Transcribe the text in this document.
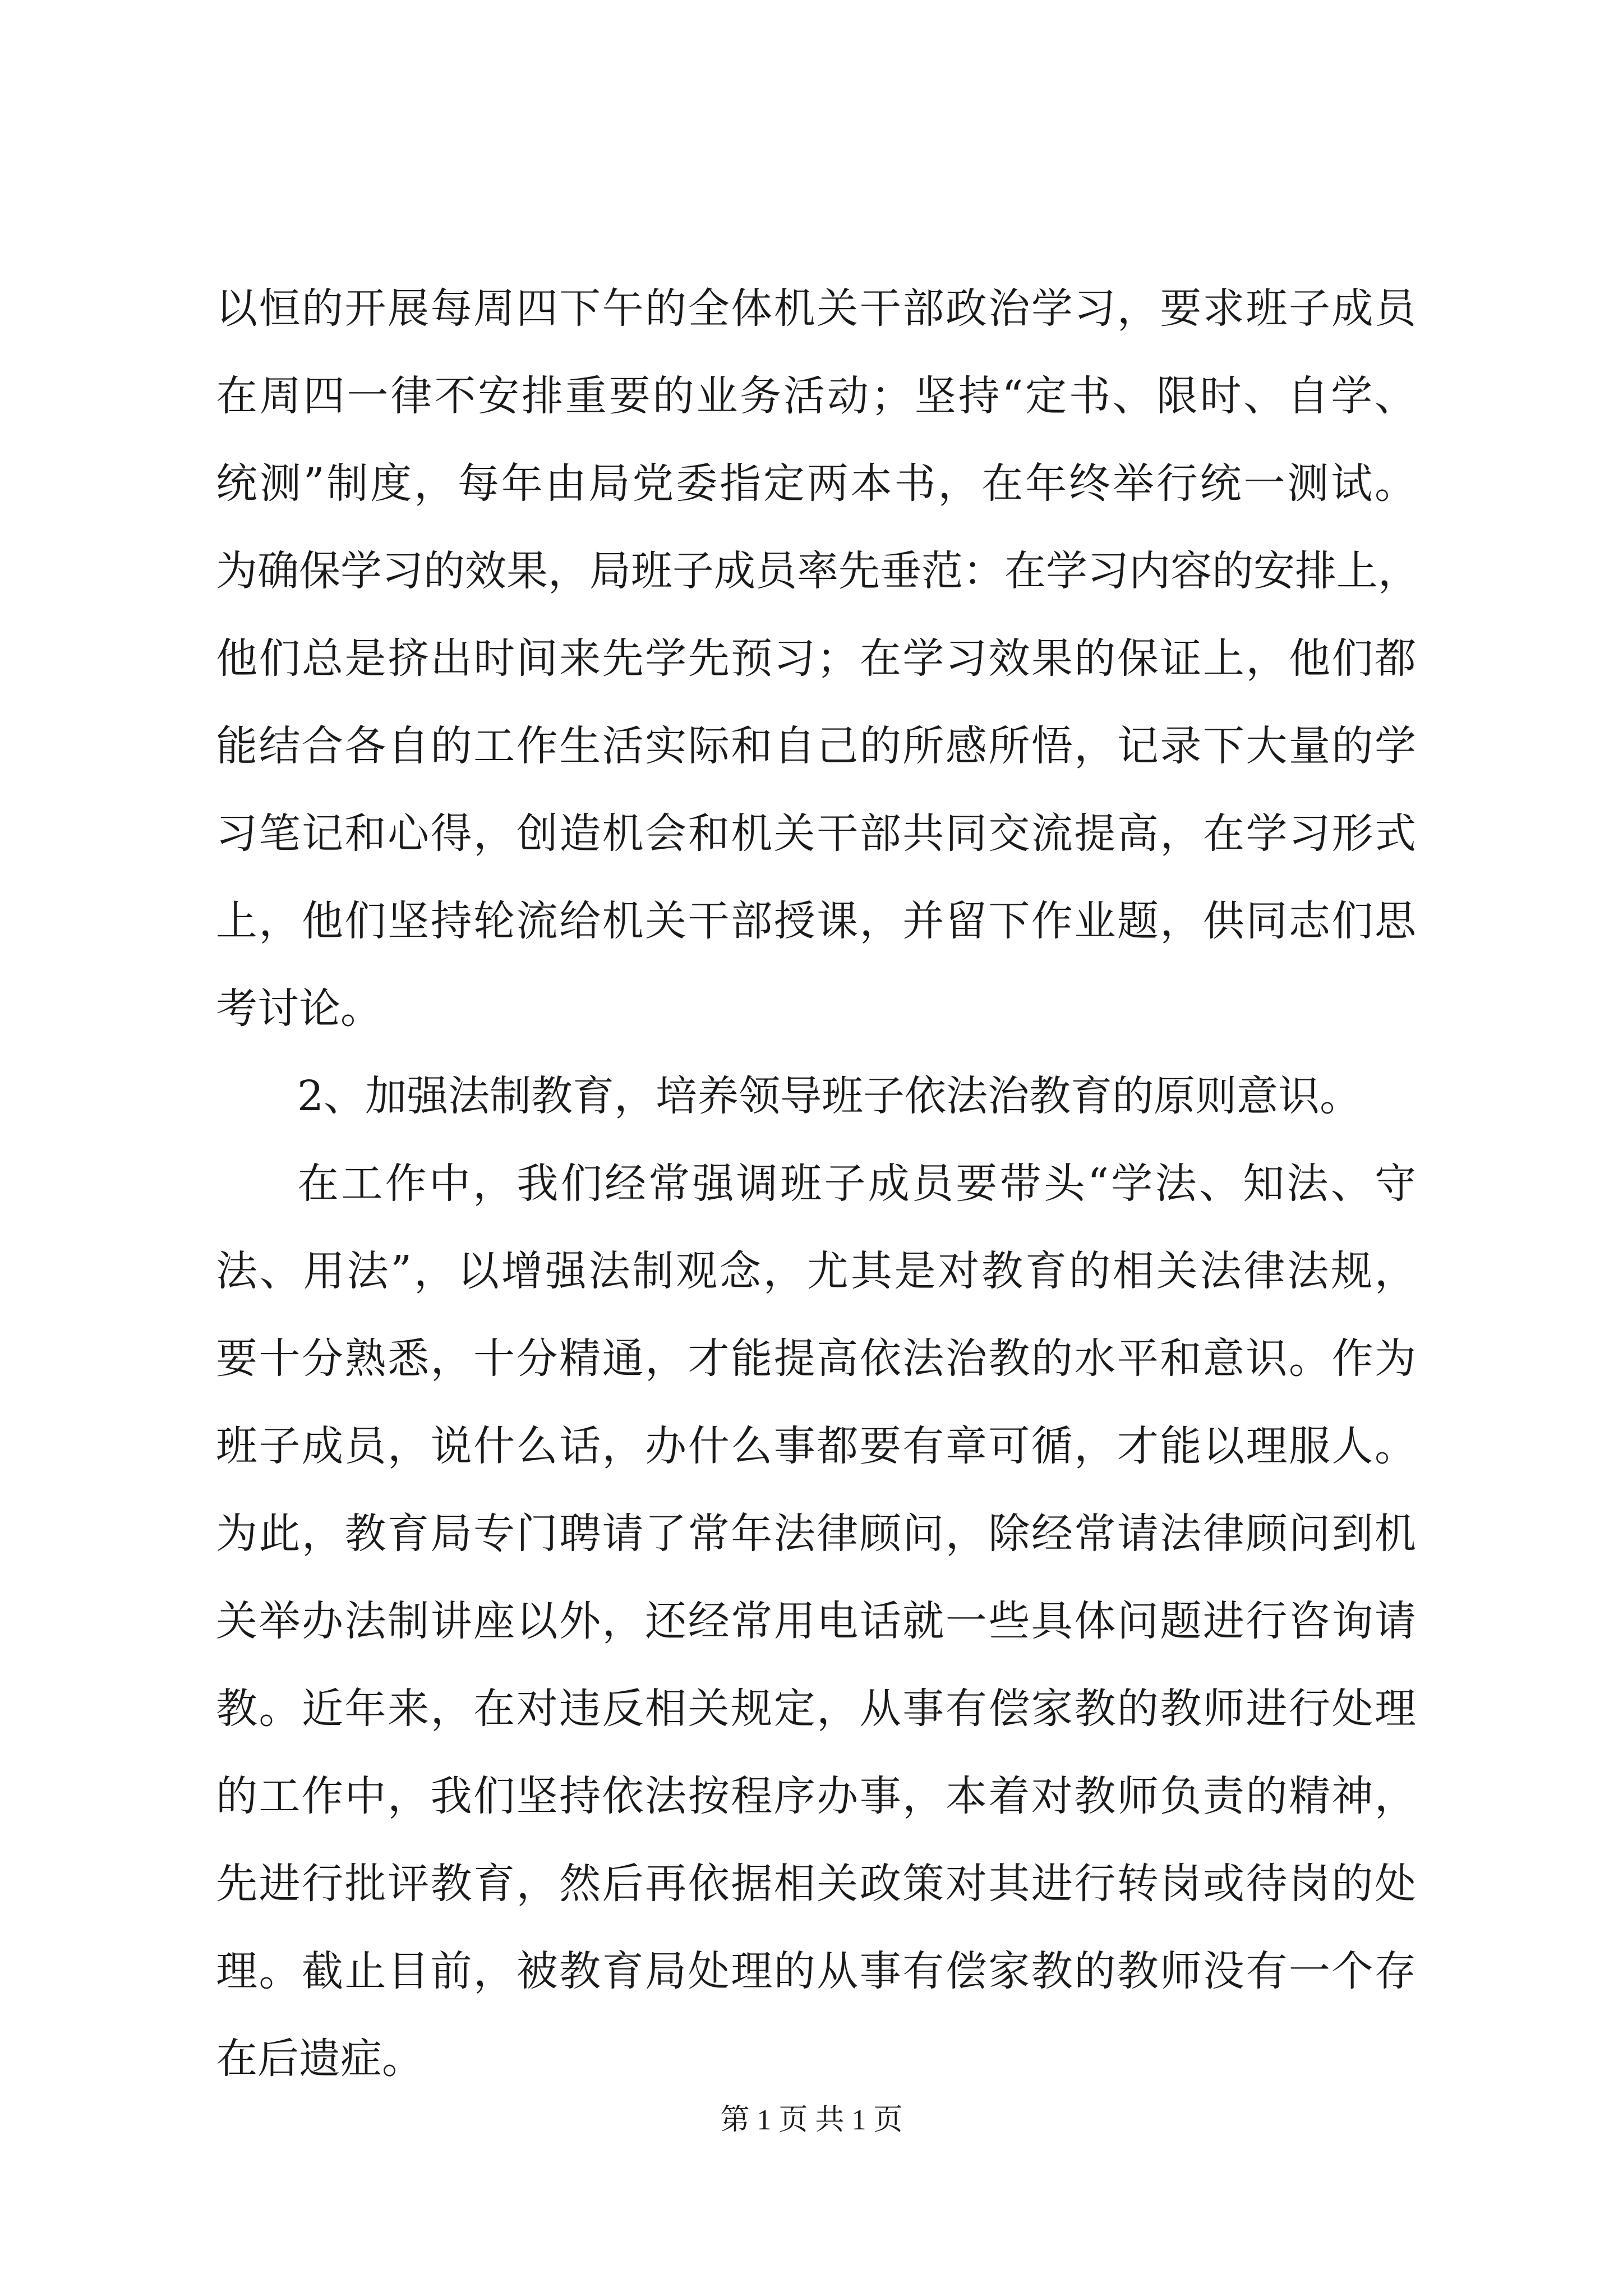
以恒的开展每周四下午的全体机关干部政治学习，要求班子成员
在周四一律不安排重要的业务活动；坚持“定书、限时、自学、
统测”制度，每年由局党委指定两本书，在年终举行统一测试。
为确保学习的效果，局班子成员率先垂范：在学习内容的安排上，
他们总是挤出时间来先学先预习；在学习效果的保证上，他们都
能结合各自的工作生活实际和自己的所感所悟，记录下大量的学
习笔记和心得，创造机会和机关干部共同交流提高，在学习形式
上，他们坚持轮流给机关干部授课，并留下作业题，供同志们思
考讨论。
2、加强法制教育，培养领导班子依法治教育的原则意识。
在工作中，我们经常强调班子成员要带头“学法、知法、守
法、用法”，以增强法制观念，尤其是对教育的相关法律法规，
要十分熟悉，十分精通，才能提高依法治教的水平和意识。作为
班子成员，说什么话，办什么事都要有章可循，才能以理服人。
为此，教育局专门聘请了常年法律顾问，除经常请法律顾问到机
关举办法制讲座以外，还经常用电话就一些具体问题进行咨询请
教。近年来，在对违反相关规定，从事有偿家教的教师进行处理
的工作中，我们坚持依法按程序办事，本着对教师负责的精神，
先进行批评教育，然后再依据相关政策对其进行转岗或待岗的处
理。截止目前，被教育局处理的从事有偿家教的教师没有一个存
在后遗症。
第 1 页 共 1 页
